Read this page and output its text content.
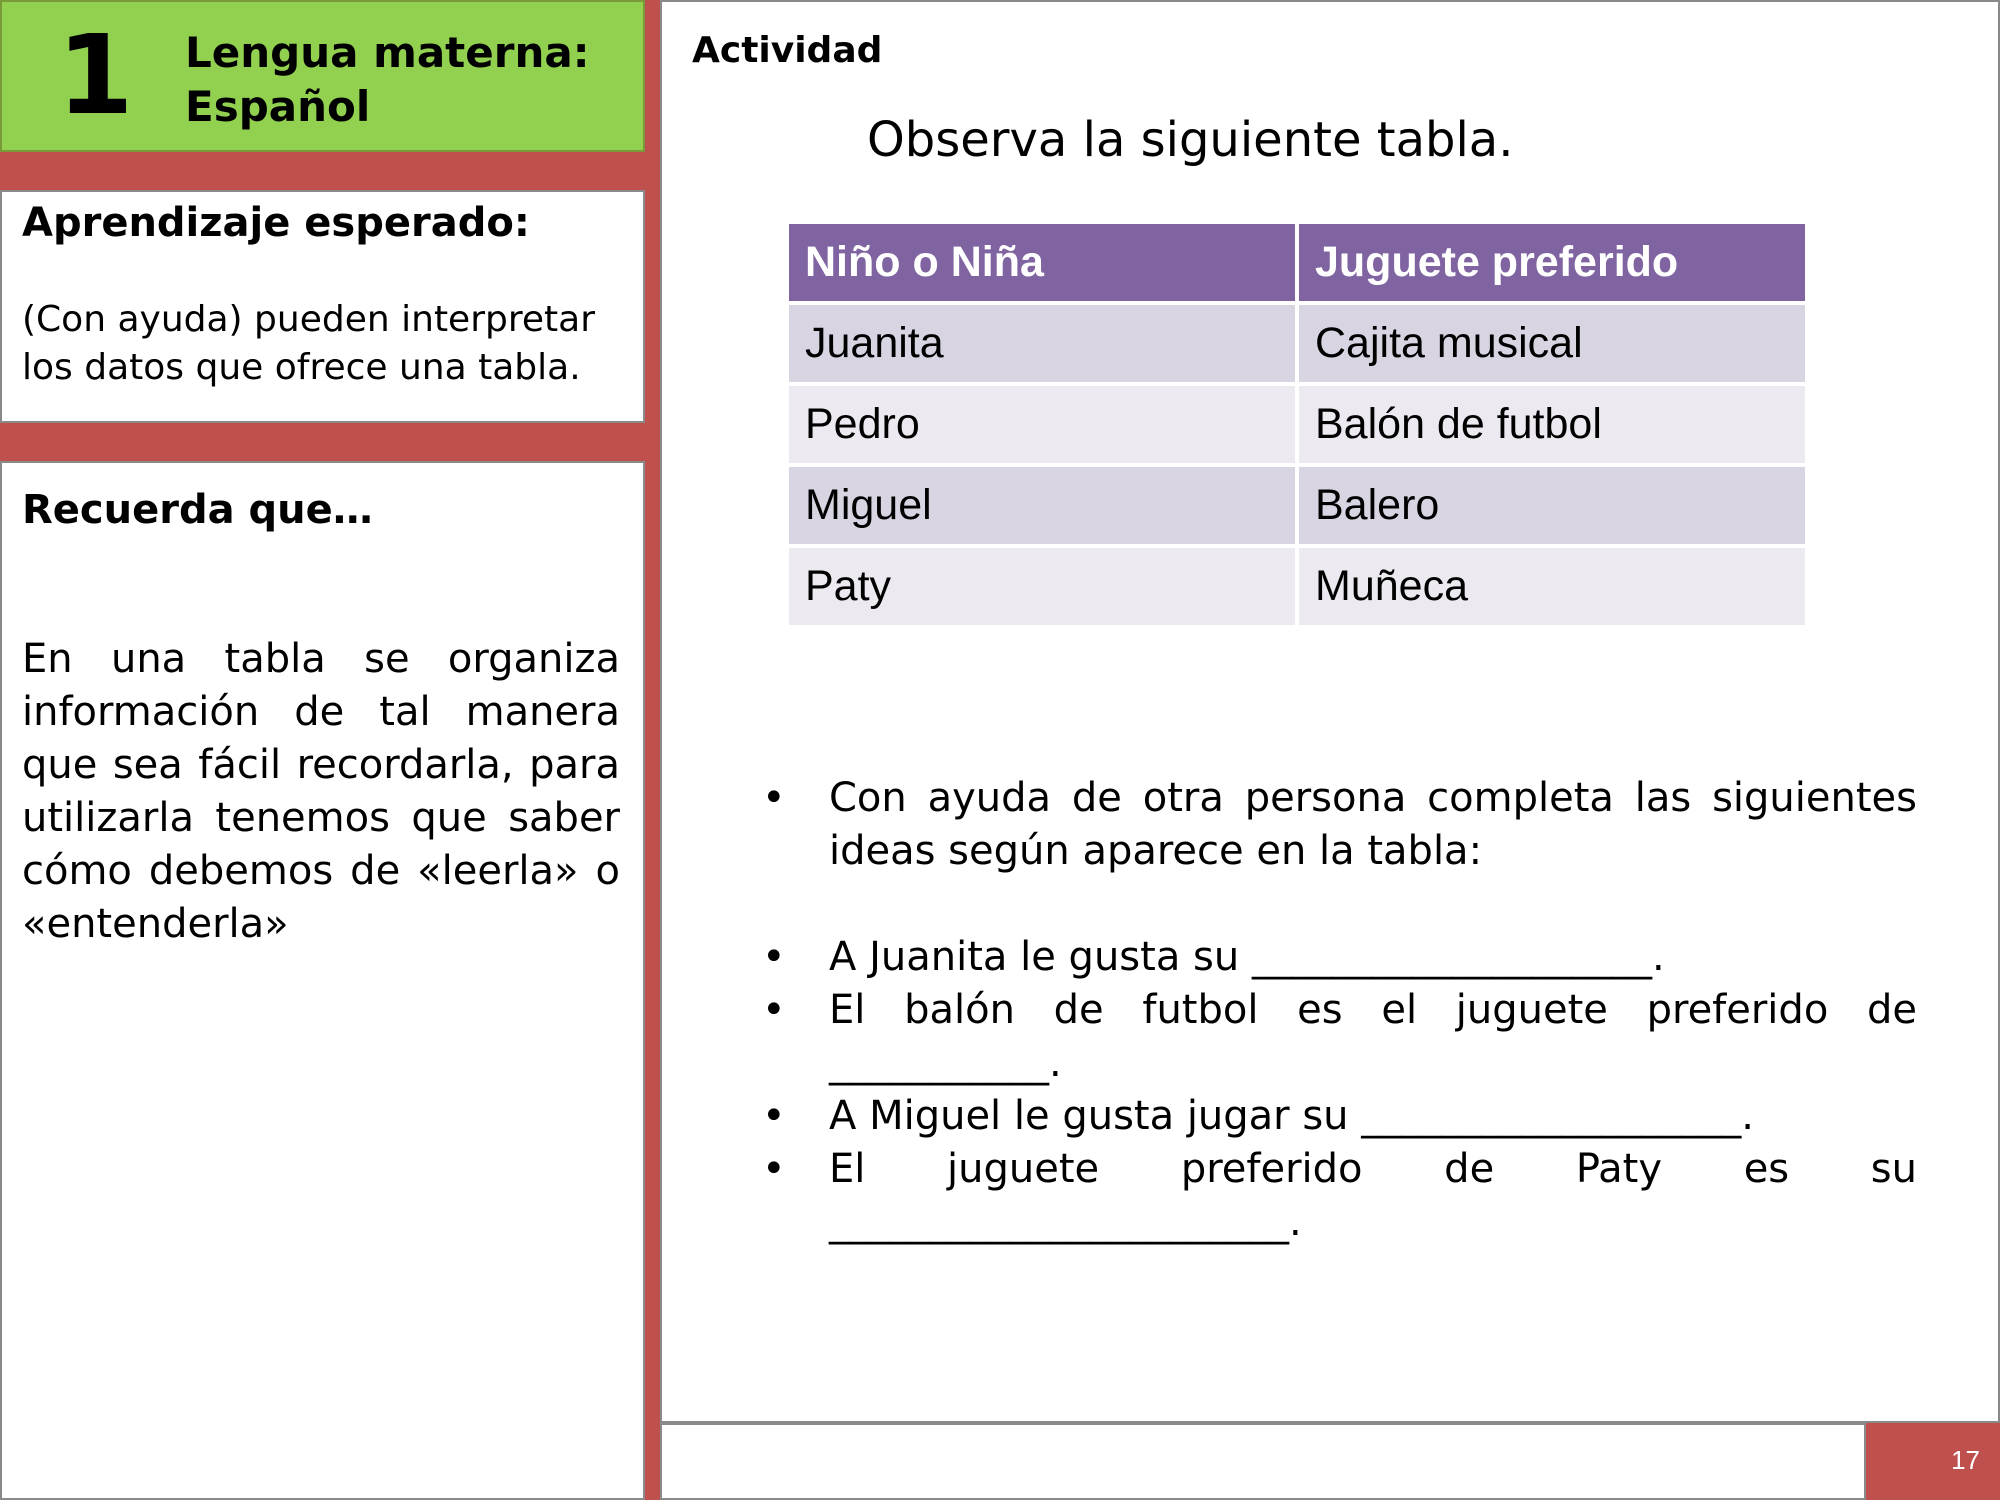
1 Lengua materna:
Español
Aprendizaje esperado:
(Con ayuda) pueden interpretar los datos que ofrece una tabla.
Recuerda que…
En una tabla se organiza información de tal manera que sea fácil recordarla, para utilizarla tenemos que saber cómo debemos de «leerla» o «entenderla»
Actividad
Observa la siguiente tabla.
Niño o Niña	Juguete preferido
Juanita	Cajita musical
Pedro	Balón de futbol
Miguel	Balero
Paty	Muñeca
• Con ayuda de otra persona completa las siguientes ideas según aparece en la tabla:
• A Juanita le gusta su ____________________.
• El balón de futbol es el juguete preferido de ___________.
• A Miguel le gusta jugar su ___________________.
• El juguete preferido de Paty es su _______________________.
17
